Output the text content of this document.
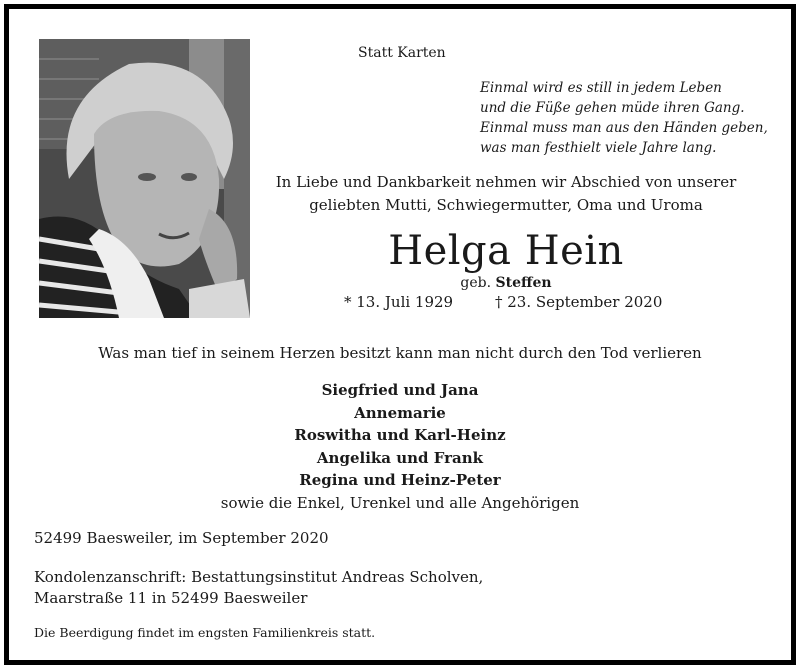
Statt Karten
Einmal wird es still in jedem Leben
und die Füße gehen müde ihren Gang.
Einmal muss man aus den Händen geben,
was man festhielt viele Jahre lang.
In Liebe und Dankbarkeit nehmen wir Abschied von unserer
geliebten Mutti, Schwiegermutter, Oma und Uroma
Helga Hein
geb. Steffen
* 13. Juli 1929	† 23. September 2020
Was man tief in seinem Herzen besitzt kann man nicht durch den Tod verlieren
Siegfried und Jana
Annemarie
Roswitha und Karl-Heinz
Angelika und Frank
Regina und Heinz-Peter
sowie die Enkel, Urenkel und alle Angehörigen
52499 Baesweiler, im September 2020
Kondolenzanschrift: Bestattungsinstitut Andreas Scholven,
Maarstraße 11 in 52499 Baesweiler
Die Beerdigung findet im engsten Familienkreis statt.
